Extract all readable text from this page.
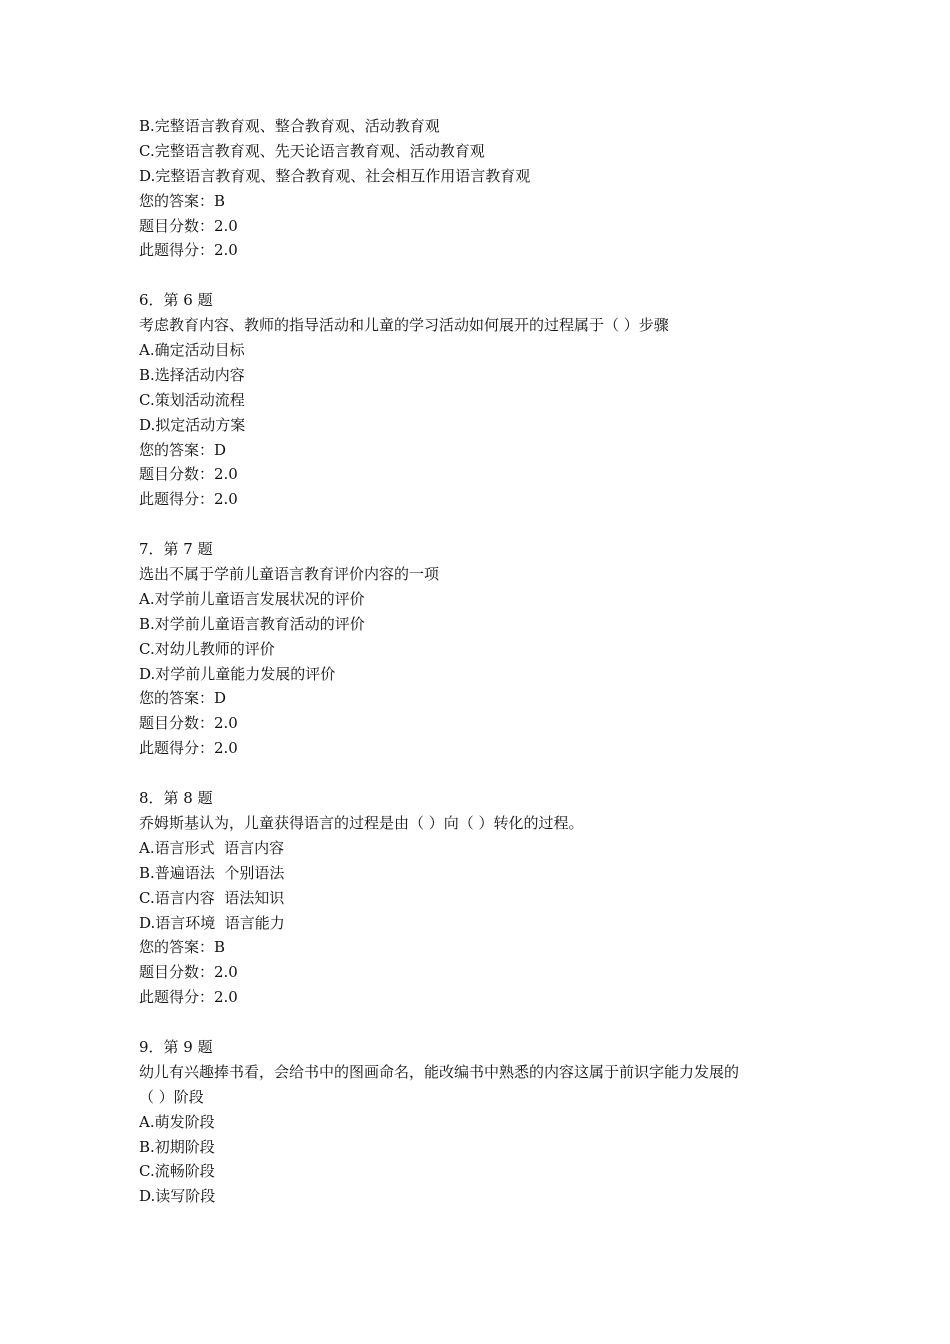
B.完整语言教育观、整合教育观、活动教育观
C.完整语言教育观、先天论语言教育观、活动教育观
D.完整语言教育观、整合教育观、社会相互作用语言教育观
您的答案：B
题目分数：2.0
此题得分：2.0
6．第 6 题
考虑教育内容、教师的指导活动和儿童的学习活动如何展开的过程属于（ ）步骤
A.确定活动目标
B.选择活动内容
C.策划活动流程
D.拟定活动方案
您的答案：D
题目分数：2.0
此题得分：2.0
7．第 7 题
选出不属于学前儿童语言教育评价内容的一项
A.对学前儿童语言发展状况的评价
B.对学前儿童语言教育活动的评价
C.对幼儿教师的评价
D.对学前儿童能力发展的评价
您的答案：D
题目分数：2.0
此题得分：2.0
8．第 8 题
乔姆斯基认为，儿童获得语言的过程是由（ ）向（ ）转化的过程。
A.语言形式  语言内容
B.普遍语法  个别语法
C.语言内容  语法知识
D.语言环境  语言能力
您的答案：B
题目分数：2.0
此题得分：2.0
9．第 9 题
幼儿有兴趣捧书看，会给书中的图画命名，能改编书中熟悉的内容这属于前识字能力发展的
（ ）阶段
A.萌发阶段
B.初期阶段
C.流畅阶段
D.读写阶段
